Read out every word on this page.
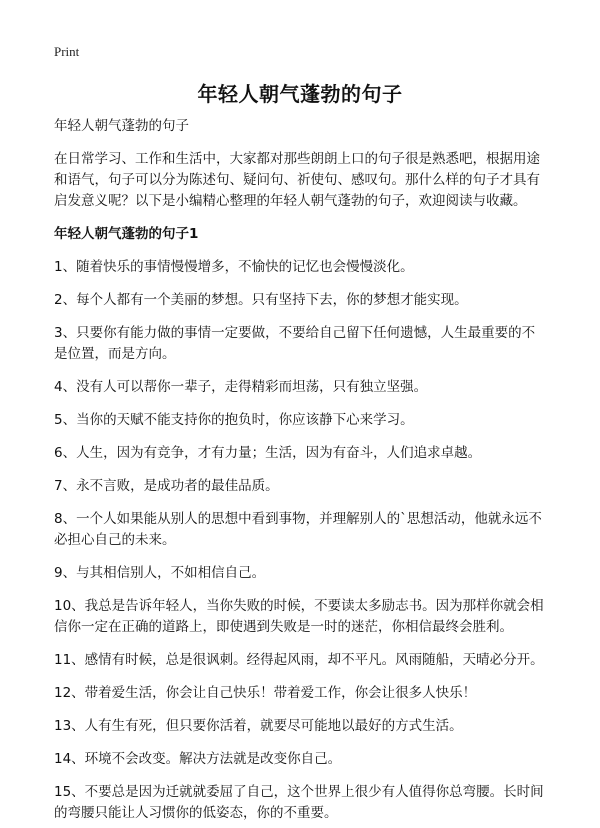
Print
年轻人朝气蓬勃的句子

年轻人朝气蓬勃的句子

在日常学习、工作和生活中，大家都对那些朗朗上口的句子很是熟悉吧，根据用途和语气，句子可以分为陈述句、疑问句、祈使句、感叹句。那什么样的句子才具有启发意义呢？以下是小编精心整理的年轻人朝气蓬勃的句子，欢迎阅读与收藏。

年轻人朝气蓬勃的句子1

1、随着快乐的事情慢慢增多，不愉快的记忆也会慢慢淡化。

2、每个人都有一个美丽的梦想。只有坚持下去，你的梦想才能实现。

3、只要你有能力做的事情一定要做，不要给自己留下任何遗憾，人生最重要的不是位置，而是方向。

4、没有人可以帮你一辈子，走得精彩而坦荡，只有独立坚强。

5、当你的天赋不能支持你的抱负时，你应该静下心来学习。

6、人生，因为有竞争，才有力量；生活，因为有奋斗，人们追求卓越。

7、永不言败，是成功者的最佳品质。

8、一个人如果能从别人的思想中看到事物，并理解别人的`思想活动，他就永远不必担心自己的未来。

9、与其相信别人，不如相信自己。

10、我总是告诉年轻人，当你失败的时候，不要读太多励志书。因为那样你就会相信你一定在正确的道路上，即使遇到失败是一时的迷茫，你相信最终会胜利。

11、感情有时候，总是很讽刺。经得起风雨，却不平凡。风雨随船，天晴必分开。

12、带着爱生活，你会让自己快乐！带着爱工作，你会让很多人快乐！

13、人有生有死，但只要你活着，就要尽可能地以最好的方式生活。

14、环境不会改变。解决方法就是改变你自己。

15、不要总是因为迁就就委屈了自己，这个世界上很少有人值得你总弯腰。长时间的弯腰只能让人习惯你的低姿态，你的不重要。
